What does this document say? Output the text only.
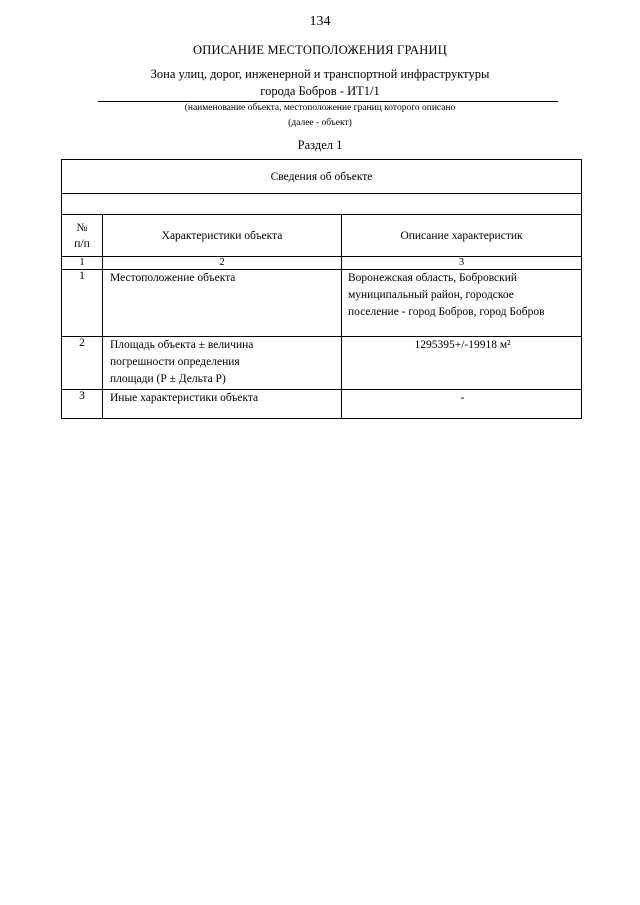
134
ОПИСАНИЕ МЕСТОПОЛОЖЕНИЯ ГРАНИЦ
Зона улиц, дорог, инженерной и транспортной инфраструктуры
города Бобров - ИТ1/1
(наименование объекта, местоположение границ которого описано
(далее - объект)
Раздел 1
Сведения об объекте		

№
п/п	Характеристики объекта	Описание характеристик
1	2	3
1	Местоположение объекта	Воронежская область, Бобровский
муниципальный район, городское
поселение - город Бобров, город Бобров

2	Площадь объекта ± величина
погрешности определения
площади (Р ± Дельта Р)	1295395+/-19918 м²
3	Иные характеристики объекта	-
